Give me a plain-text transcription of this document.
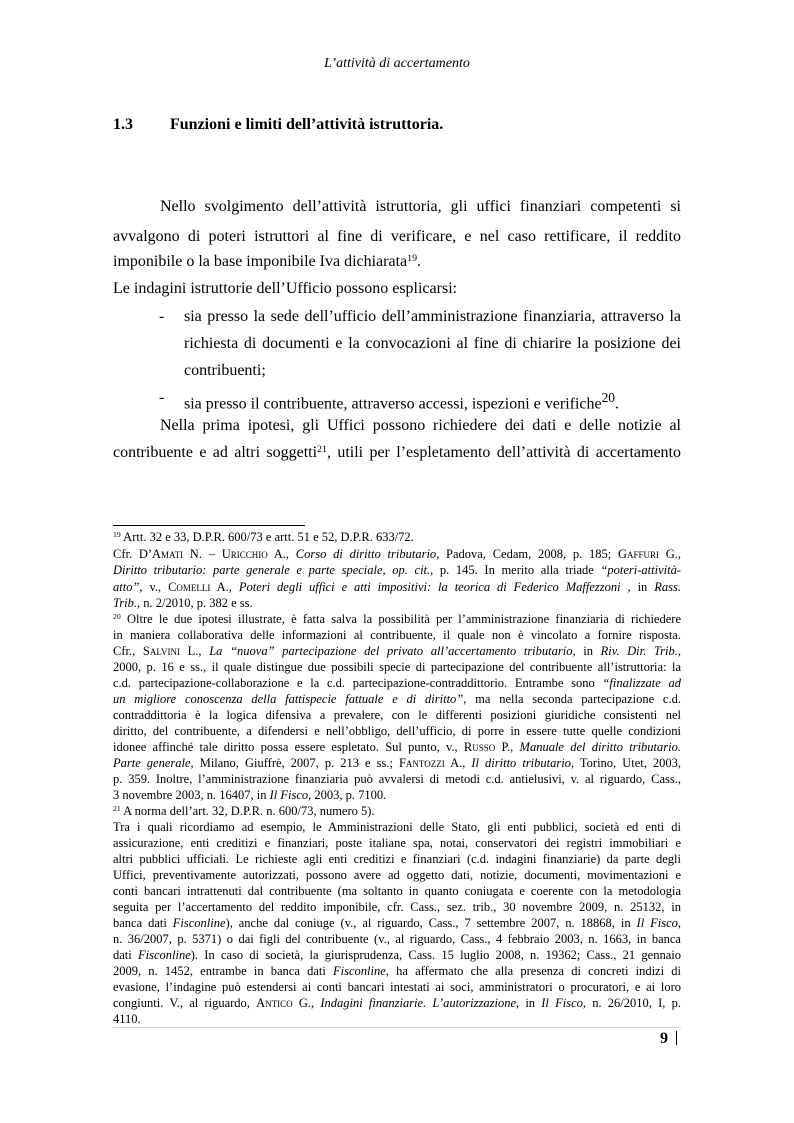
L’attività di accertamento
1.3 Funzioni e limiti dell’attività istruttoria.
Nello svolgimento dell’attività istruttoria, gli uffici finanziari competenti si
avvalgono di poteri istruttori al fine di verificare, e nel caso rettificare, il reddito
imponibile o la base imponibile Iva dichiarata$^{19}$.
Le indagini istruttorie dell’Ufficio possono esplicarsi:
- sia presso la sede dell’ufficio dell’amministrazione finanziaria, attraverso la
richiesta di documenti e la convocazioni al fine di chiarire la posizione dei
contribuenti;
- sia presso il contribuente, attraverso accessi, ispezioni e verifiche$^{20}$.
Nella prima ipotesi, gli Uffici possono richiedere dei dati e delle notizie al
contribuente e ad altri soggetti$^{21}$, utili per l’espletamento dell’attività di accertamento
$^{19}$ Artt. 32 e 33, D.P.R. 600/73 e artt. 51 e 52, D.P.R. 633/72.
Cfr. D’Amati N. – Uricchio A., Corso di diritto tributario, Padova, Cedam, 2008, p. 185; Gaffuri G.,
Diritto tributario: parte generale e parte speciale, op. cit., p. 145. In merito alla triade “poteri-attività-
atto”, v., Comelli A., Poteri degli uffici e atti impositivi: la teorica di Federico Maffezzoni , in Rass.
Trib., n. 2/2010, p. 382 e ss.
$^{20}$ Oltre le due ipotesi illustrate, è fatta salva la possibilità per l’amministrazione finanziaria di richiedere
in maniera collaborativa delle informazioni al contribuente, il quale non è vincolato a fornire risposta.
Cfr., Salvini L., La “nuova” partecipazione del privato all’accertamento tributario, in Riv. Dir. Trib.,
2000, p. 16 e ss., il quale distingue due possibili specie di partecipazione del contribuente all’istruttoria: la
c.d. partecipazione-collaborazione e la c.d. partecipazione-contraddittorio. Entrambe sono “finalizzate ad
un migliore conoscenza della fattispecie fattuale e di diritto”, ma nella seconda partecipazione c.d.
contraddittoria è la logica difensiva a prevalere, con le differenti posizioni giuridiche consistenti nel
diritto, del contribuente, a difendersi e nell’obbligo, dell’ufficio, di porre in essere tutte quelle condizioni
idonee affinché tale diritto possa essere espletato. Sul punto, v., Russo P., Manuale del diritto tributario.
Parte generale, Milano, Giuffrè, 2007, p. 213 e ss.; Fantozzi A., Il diritto tributario, Torino, Utet, 2003,
p. 359. Inoltre, l’amministrazione finanziaria può avvalersi di metodi c.d. antielusivi, v. al riguardo, Cass.,
3 novembre 2003, n. 16407, in Il Fisco, 2003, p. 7100.
$^{21}$ A norma dell’art. 32, D.P.R. n. 600/73, numero 5).
Tra i quali ricordiamo ad esempio, le Amministrazioni delle Stato, gli enti pubblici, società ed enti di
assicurazione, enti creditizi e finanziari, poste italiane spa, notai, conservatori dei registri immobiliari e
altri pubblici ufficiali. Le richieste agli enti creditizi e finanziari (c.d. indagini finanziarie) da parte degli
Uffici, preventivamente autorizzati, possono avere ad oggetto dati, notizie, documenti, movimentazioni e
conti bancari intrattenuti dal contribuente (ma soltanto in quanto coniugata e coerente con la metodologia
seguita per l’accertamento del reddito imponibile, cfr. Cass., sez. trib., 30 novembre 2009, n. 25132, in
banca dati Fisconline), anche dal coniuge (v., al riguardo, Cass., 7 settembre 2007, n. 18868, in Il Fisco,
n. 36/2007, p. 5371) o dai figli del contribuente (v., al riguardo, Cass., 4 febbraio 2003, n. 1663, in banca
dati Fisconline). In caso di società, la giurisprudenza, Cass. 15 luglio 2008, n. 19362; Cass., 21 gennaio
2009, n. 1452, entrambe in banca dati Fisconline, ha affermato che alla presenza di concreti indizi di
evasione, l’indagine può estendersi ai conti bancari intestati ai soci, amministratori o procuratori, e ai loro
congiunti. V., al riguardo, Antico G., Indagini finanziarie. L’autorizzazione, in Il Fisco, n. 26/2010, I, p.
4110.
9
